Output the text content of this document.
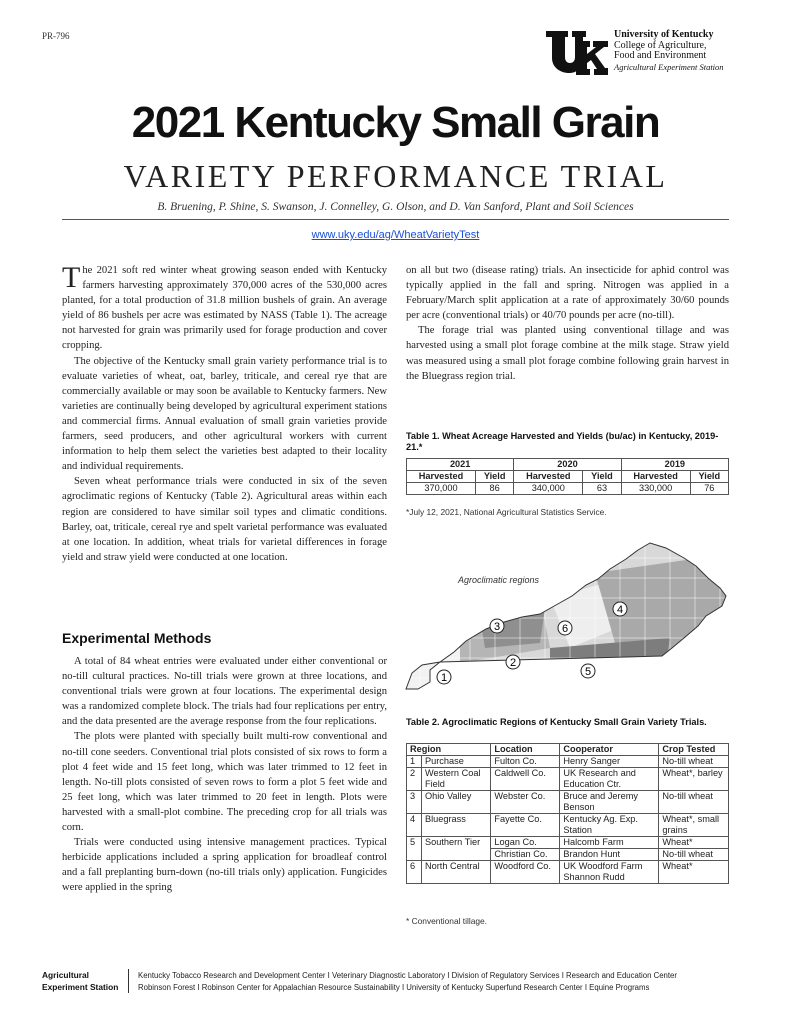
PR-796	University of Kentucky
College of Agriculture,
Food and Environment
Agricultural Experiment Station
2021 Kentucky Small Grain
VARIETY PERFORMANCE TRIAL
B. Bruening, P. Shine, S. Swanson, J. Connelley, G. Olson, and D. Van Sanford, Plant and Soil Sciences
www.uky.edu/ag/WheatVarietyTest

The 2021 soft red winter wheat growing season ended with Kentucky farmers harvesting approximately 370,000 acres of the 530,000 acres planted, for a total production of 31.8 million bushels of grain. An average yield of 86 bushels per acre was estimated by NASS (Table 1). The acreage not harvested for grain was primarily used for forage production and cover cropping.

The objective of the Kentucky small grain variety performance trial is to evaluate varieties of wheat, oat, barley, triticale, and cereal rye that are commercially available or may soon be available to Kentucky farmers. New varieties are continually being developed by agricultural experiment stations and commercial firms. Annual evaluation of small grain varieties provide farmers, seed producers, and other agricultural workers with current information to help them select the varieties best adapted to their locality and individual requirements.

Seven wheat performance trials were conducted in six of the seven agroclimatic regions of Kentucky (Table 2). Agricultural areas within each region are considered to have similar soil types and climatic conditions. Barley, oat, triticale, cereal rye and spelt varietal performance was evaluated at one location. In addition, wheat trials for varietal differences in forage yield and straw yield were conducted at one location.

Experimental Methods

A total of 84 wheat entries were evaluated under either conventional or no-till cultural practices. No-till trials were grown at three locations, and conventional trials were grown at four locations. The experimental design was a randomized complete block. The trials had four replications per entry, and the data presented are the average response from the four replications.

The plots were planted with specially built multi-row conventional and no-till cone seeders. Conventional trial plots consisted of six rows to form a plot 4 feet wide and 15 feet long, which was later trimmed to 12 feet in length. No-till plots consisted of seven rows to form a plot 5 feet wide and 25 feet long, which was later trimmed to 20 feet in length. Plots were harvested with a small-plot combine. The preceding crop for all trials was corn.

Trials were conducted using intensive management practices. Typical herbicide applications included a spring application for broadleaf control and a fall preplanting burn-down (no-till trials only) application. Fungicides were applied in the spring

on all but two (disease rating) trials. An insecticide for aphid control was typically applied in the fall and spring. Nitrogen was applied in a February/March split application at a rate of approximately 30/60 pounds per acre (conventional trials) or 40/70 pounds per acre (no-till).

The forage trial was planted using conventional tillage and was harvested using a small plot forage combine at the milk stage. Straw yield was measured using a small plot forage combine following grain harvest in the Bluegrass region trial.

Table 1. Wheat Acreage Harvested and Yields (bu/ac) in Kentucky, 2019-21.*
2021		2020		2019	
Harvested	Yield	Harvested	Yield	Harvested	Yield
370,000	86	340,000	63	330,000	76
*July 12, 2021, National Agricultural Statistics Service.
1
2
3
4
5
6
Agroclimatic regions
Table 2. Agroclimatic Regions of Kentucky Small Grain Variety Trials.
Region		Location	Cooperator	Crop Tested
1	Purchase	Fulton Co.	Henry Sanger	No-till wheat
2	Western Coal Field	Caldwell Co.	UK Research and Education Ctr.	Wheat*, barley
3	Ohio Valley	Webster Co.	Bruce and Jeremy Benson	No-till wheat
4	Bluegrass	Fayette Co.	Kentucky Ag. Exp. Station	Wheat*, small grains
5	Southern Tier	Logan Co.	Halcomb Farm	Wheat*
		Christian Co.	Brandon Hunt	No-till wheat
6	North Central	Woodford Co.	UK Woodford Farm Shannon Rudd	Wheat*
* Conventional tillage.
Agricultural
Experiment Station
Kentucky Tobacco Research and Development Center I Veterinary Diagnostic Laboratory I Division of Regulatory Services I Research and Education Center
Robinson Forest I Robinson Center for Appalachian Resource Sustainability I University of Kentucky Superfund Research Center I Equine Programs
